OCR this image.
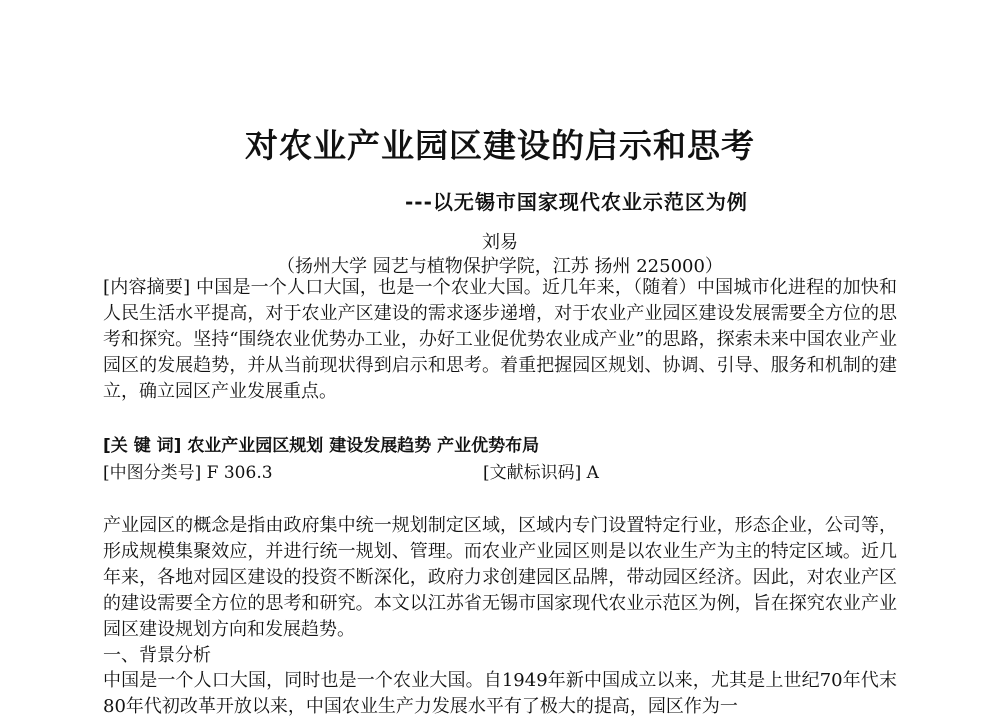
对农业产业园区建设的启示和思考
---以无锡市国家现代农业示范区为例
刘易
（扬州大学 园艺与植物保护学院，江苏 扬州 225000）

[内容摘要] 中国是一个人口大国，也是一个农业大国。近几年来，（随着）中国城市化进程的加快和人民生活水平提高，对于农业产区建设的需求逐步递增，对于农业产业园区建设发展需要全方位的思考和探究。坚持“围绕农业优势办工业，办好工业促优势农业成产业”的思路，探索未来中国农业产业园区的发展趋势，并从当前现状得到启示和思考。着重把握园区规划、协调、引导、服务和机制的建立，确立园区产业发展重点。

[关 键 词] 农业产业园区规划 建设发展趋势 产业优势布局

[中图分类号] F 306.3	[文献标识码] A

产业园区的概念是指由政府集中统一规划制定区域，区域内专门设置特定行业，形态企业，公司等，形成规模集聚效应，并进行统一规划、管理。而农业产业园区则是以农业生产为主的特定区域。近几年来，各地对园区建设的投资不断深化，政府力求创建园区品牌，带动园区经济。因此，对农业产区的建设需要全方位的思考和研究。本文以江苏省无锡市国家现代农业示范区为例，旨在探究农业产业园区建设规划方向和发展趋势。

一、背景分析

中国是一个人口大国，同时也是一个农业大国。自1949年新中国成立以来，尤其是上世纪70年代末80年代初改革开放以来，中国农业生产力发展水平有了极大的提高，园区作为一
